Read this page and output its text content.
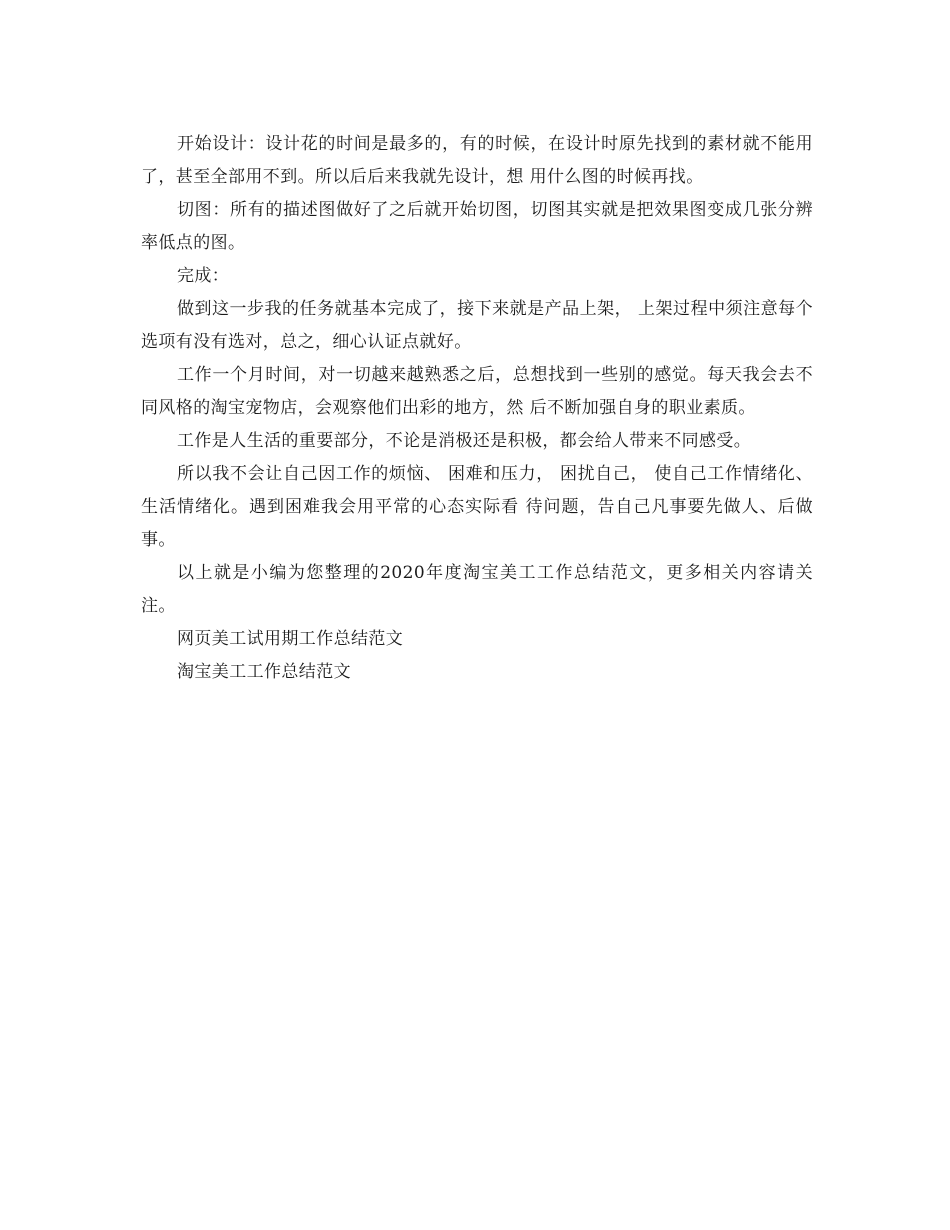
开始设计：设计花的时间是最多的，有的时候，在设计时原先找到的素材就不能用了，甚至全部用不到。所以后后来我就先设计，想 用什么图的时候再找。

切图：所有的描述图做好了之后就开始切图，切图其实就是把效果图变成几张分辨率低点的图。

完成：

做到这一步我的任务就基本完成了，接下来就是产品上架， 上架过程中须注意每个选项有没有选对，总之，细心认证点就好。

工作一个月时间，对一切越来越熟悉之后，总想找到一些别的感觉。每天我会去不同风格的淘宝宠物店，会观察他们出彩的地方，然 后不断加强自身的职业素质。

工作是人生活的重要部分，不论是消极还是积极，都会给人带来不同感受。

所以我不会让自己因工作的烦恼、 困难和压力， 困扰自己， 使自己工作情绪化、生活情绪化。遇到困难我会用平常的心态实际看 待问题，告自己凡事要先做人、后做事。

以上就是小编为您整理的2020年度淘宝美工工作总结范文，更多相关内容请关注。

网页美工试用期工作总结范文

淘宝美工工作总结范文
